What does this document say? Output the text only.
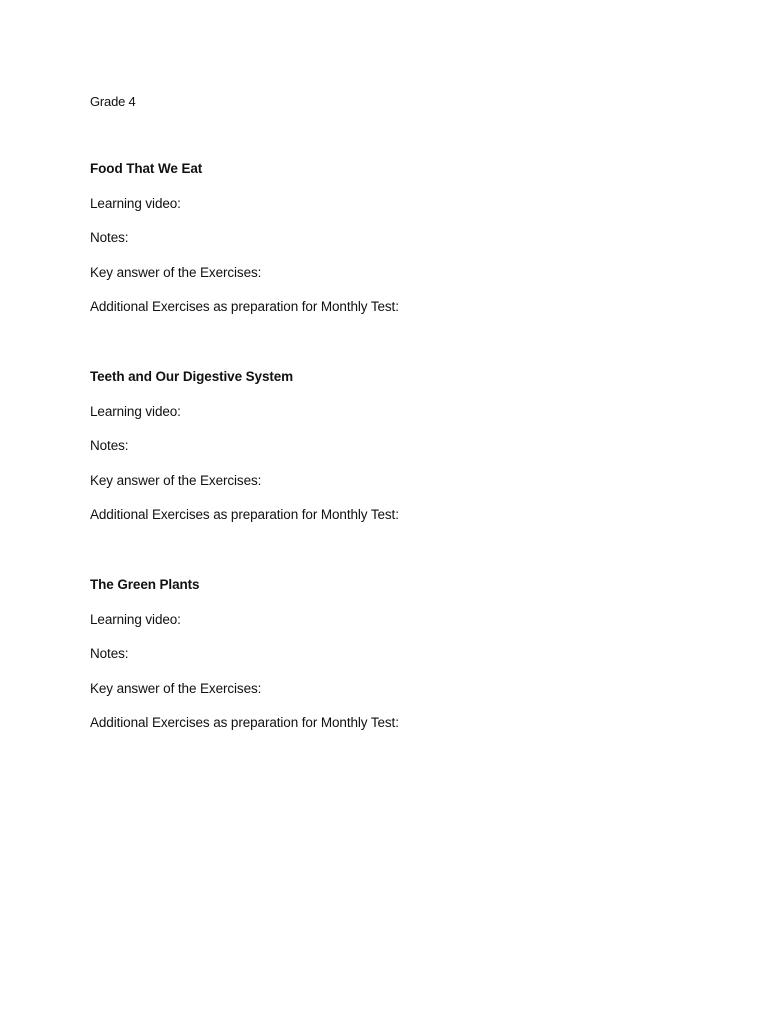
Grade 4

Food That We Eat

Learning video:

Notes:

Key answer of the Exercises:

Additional Exercises as preparation for Monthly Test:

Teeth and Our Digestive System

Learning video:

Notes:

Key answer of the Exercises:

Additional Exercises as preparation for Monthly Test:

The Green Plants

Learning video:

Notes:

Key answer of the Exercises:

Additional Exercises as preparation for Monthly Test:
